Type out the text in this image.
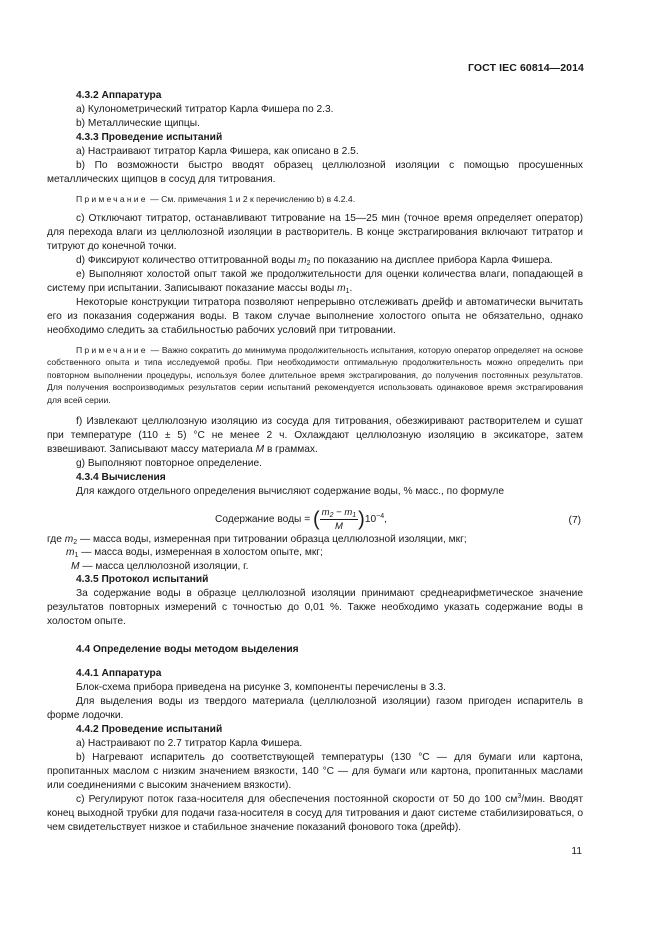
ГОСТ IEC 60814—2014

4.3.2 Аппаратура

a) Кулонометрический титратор Карла Фишера по 2.3.

b) Металлические щипцы.

4.3.3 Проведение испытаний

a) Настраивают титратор Карла Фишера, как описано в 2.5.

b) По возможности быстро вводят образец целлюлозной изоляции с помощью просушенных металлических щипцов в сосуд для титрования.

Примечание — См. примечания 1 и 2 к перечислению b) в 4.2.4.

c) Отключают титратор, останавливают титрование на 15—25 мин (точное время определяет оператор) для перехода влаги из целлюлозной изоляции в растворитель. В конце экстрагирования включают титратор и титруют до конечной точки.

d) Фиксируют количество оттитрованной воды $m_2$ по показанию на дисплее прибора Карла Фишера.

e) Выполняют холостой опыт такой же продолжительности для оценки количества влаги, попадающей в систему при испытании. Записывают показание массы воды $m_1$.

Некоторые конструкции титратора позволяют непрерывно отслеживать дрейф и автоматически вычитать его из показания содержания воды. В таком случае выполнение холостого опыта не обязательно, однако необходимо следить за стабильностью рабочих условий при титровании.

Примечание — Важно сократить до минимума продолжительность испытания, которую оператор определяет на основе собственного опыта и типа исследуемой пробы. При необходимости оптимальную продолжительность можно определить при повторном выполнении процедуры, используя более длительное время экстрагирования, до получения постоянных результатов. Для получения воспроизводимых результатов серии испытаний рекомендуется использовать одинаковое время экстрагирования для всей серии.

f) Извлекают целлюлозную изоляцию из сосуда для титрования, обезжиривают растворителем и сушат при температуре (110 ± 5) °C не менее 2 ч. Охлаждают целлюлозную изоляцию в эксикаторе, затем взвешивают. Записывают массу материала M в граммах.

g) Выполняют повторное определение.

4.3.4 Вычисления

Для каждого отдельного определения вычисляют содержание воды, % масс., по формуле

Cодержание воды = ( $\frac{m_2 - m_1}{M} )10^{-4}$,	(7)

где $m_2$ — масса воды, измеренная при титровании образца целлюлозной изоляции, мкг;

$m_1$ — масса воды, измеренная в холостом опыте, мкг;

M — масса целлюлозной изоляции, г.

4.3.5 Протокол испытаний

За содержание воды в образце целлюлозной изоляции принимают среднеарифметическое значение результатов повторных измерений с точностью до 0,01 %. Также необходимо указать содержание воды в холостом опыте.

4.4 Определение воды методом выделения

4.4.1 Аппаратура

Блок-схема прибора приведена на рисунке 3, компоненты перечислены в 3.3.

Для выделения воды из твердого материала (целлюлозной изоляции) газом пригоден испаритель в форме лодочки.

4.4.2 Проведение испытаний

a) Настраивают по 2.7 титратор Карла Фишера.

b) Нагревают испаритель до соответствующей температуры (130 °C — для бумаги или картона, пропитанных маслом с низким значением вязкости, 140 °C — для бумаги или картона, пропитанных маслами или соединениями с высоким значением вязкости).

c) Регулируют поток газа-носителя для обеспечения постоянной скорости от 50 до 100 $см^3$/мин. Вводят конец выходной трубки для подачи газа-носителя в сосуд для титрования и дают системе стабилизироваться, о чем свидетельствует низкое и стабильное значение показаний фонового тока (дрейф).

11
